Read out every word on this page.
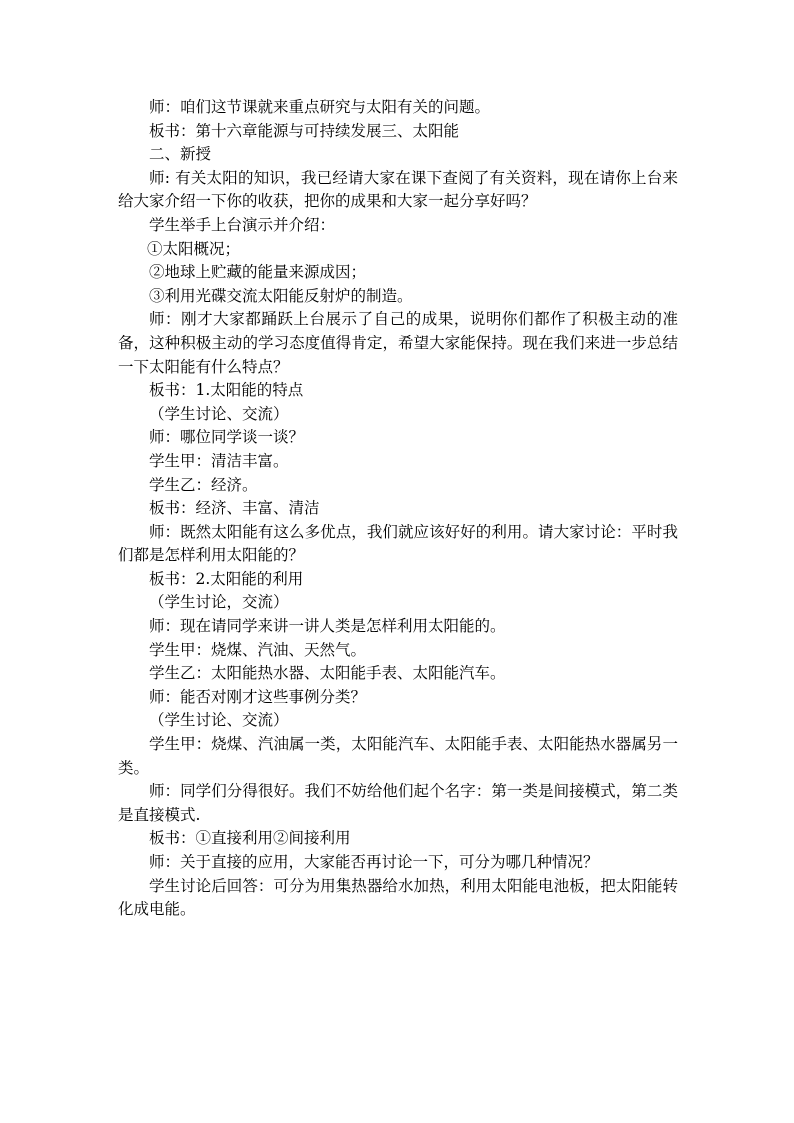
师：咱们这节课就来重点研究与太阳有关的问题。
板书：第十六章能源与可持续发展三、太阳能
二、新授
师: 有关太阳的知识，我已经请大家在课下查阅了有关资料，现在请你上台来给大家介绍一下你的收获，把你的成果和大家一起分享好吗？
学生举手上台演示并介绍：
①太阳概况；
②地球上贮藏的能量来源成因；
③利用光碟交流太阳能反射炉的制造。
师：刚才大家都踊跃上台展示了自己的成果，说明你们都作了积极主动的准备，这种积极主动的学习态度值得肯定，希望大家能保持。现在我们来进一步总结一下太阳能有什么特点？
板书：1.太阳能的特点
（学生讨论、交流）
师：哪位同学谈一谈？
学生甲：清洁丰富。
学生乙：经济。
板书：经济、丰富、清洁
师：既然太阳能有这么多优点，我们就应该好好的利用。请大家讨论：平时我们都是怎样利用太阳能的？
板书：2.太阳能的利用
（学生讨论，交流）
师：现在请同学来讲一讲人类是怎样利用太阳能的。
学生甲：烧煤、汽油、天然气。
学生乙：太阳能热水器、太阳能手表、太阳能汽车。
师：能否对刚才这些事例分类？
（学生讨论、交流）
学生甲：烧煤、汽油属一类，太阳能汽车、太阳能手表、太阳能热水器属另一类。
师：同学们分得很好。我们不妨给他们起个名字：第一类是间接模式，第二类是直接模式.
板书：①直接利用②间接利用
师：关于直接的应用，大家能否再讨论一下，可分为哪几种情况？
学生讨论后回答：可分为用集热器给水加热，利用太阳能电池板，把太阳能转化成电能。
